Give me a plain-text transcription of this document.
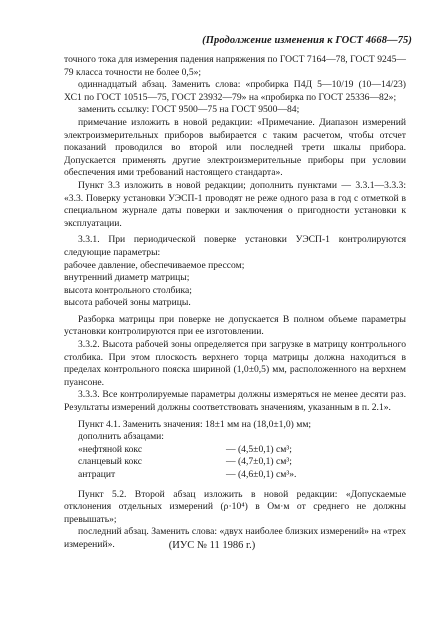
(Продолжение изменения к ГОСТ 4668—75)

точного тока для измерения падения напряжения по ГОСТ 7164—78, ГОСТ 9245—79 класса точности не более 0,5»;

одиннадцатый абзац. Заменить слова: «пробирка П4Д 5—10/19 (10—14/23) ХС1 по ГОСТ 10515—75, ГОСТ 23932—79» на «пробирка по ГОСТ 25336—82»;

заменить ссылку: ГОСТ 9500—75 на ГОСТ 9500—84;

примечание изложить в новой редакции: «Примечание. Диапазон измерений электроизмерительных приборов выбирается с таким расчетом, чтобы отсчет показаний проводился во второй или последней трети шкалы прибора. Допускается применять другие электроизмерительные приборы при условии обеспечения ими требований настоящего стандарта».

Пункт 3.3 изложить в новой редакции; дополнить пунктами — 3.3.1—3.3.3: «3.3. Поверку установки УЭСП-1 проводят не реже одного раза в год с отметкой в специальном журнале даты поверки и заключения о пригодности установки к эксплуатации.

3.3.1. При периодической поверке установки УЭСП-1 контролируются следующие параметры:

рабочее давление, обеспечиваемое прессом;

внутренний диаметр матрицы;

высота контрольного столбика;

высота рабочей зоны матрицы.

Разборка матрицы при поверке не допускается В полном объеме параметры установки контролируются при ее изготовлении.

3.3.2. Высота рабочей зоны определяется при загрузке в матрицу контрольного столбика. При этом плоскость верхнего торца матрицы должна находиться в пределах контрольного пояска шириной (1,0±0,5) мм, расположенного на верхнем пуансоне.

3.3.3. Все контролируемые параметры должны измеряться не менее десяти раз. Результаты измерений должны соответствовать значениям, указанным в п. 2.1».

Пункт 4.1. Заменить значения: 18±1 мм на (18,0±1,0) мм;

дополнить абзацами:

«нефтяной кокс	— (4,5±0,1) см³;
сланцевый кокс	— (4,7±0,1) см³;
антрацит	— (4,6±0,1) см³».

Пункт 5.2. Второй абзац изложить в новой редакции: «Допускаемые отклонения отдельных измерений (ρ·10⁴) в Ом·м от среднего не должны превышать»;

последний абзац. Заменить слова: «двух наиболее близких измерений» на «трех измерений».	(ИУС № 11 1986 г.)
